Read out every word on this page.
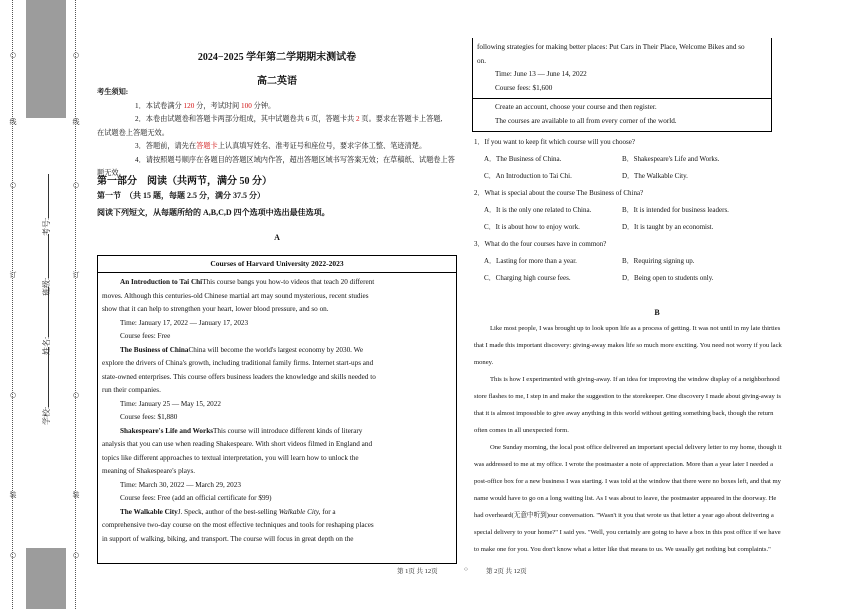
○
线
○
订
○
装
○
○
线
○
订
○
装
○
学校:
姓名:
班级:
考号:
2024−2025 学年第二学期期末测试卷
高二英语
考生须知:
1．本试卷满分 120 分，考试时间 100 分钟。
2．本卷由试题卷和答题卡两部分组成，其中试题卷共 6 页，答题卡共 2 页。要求在答题卡上答题,
在试题卷上答题无效。
3．答题前，请先在答题卡上认真填写姓名、准考证号和座位号，要求字体工整、笔迹清楚。
4．请按照题号顺序在各题目的答题区域内作答，超出答题区域书写答案无效；在草稿纸、试题卷上答
题无效。
第一部分　阅读（共两节，满分 50 分）
第一节　（共 15 题，每题 2.5 分，满分 37.5 分）
阅读下列短文，从每题所给的 A,B,C,D 四个选项中选出最佳选项。
A
Courses of Harvard University 2022-2023
An Introduction to Tai ChiThis course bangs you how-to videos that teach 20 different
moves. Although this centuries-old Chinese martial art may sound mysterious, recent studies
show that it can help to strengthen your heart, lower blood pressure, and so on.
Time: January 17, 2022 — January 17, 2023
Course fees: Free
The Business of ChinaChina will become the world's largest economy by 2030. We
explore the drivers of China's growth, including traditional family firms. Internet start-ups and
state-owned enterprises. This course offers business leaders the knowledge and skills needed to
run their companies.
Time: January 25 — May 15, 2022
Course fees: $1,880
Shakespeare's Life and WorksThis course will introduce different kinds of literary
analysis that you can use when reading Shakespeare. With short videos filmed in England and
topics like different approaches to textual interpretation, you will learn how to unlock the
meaning of Shakespeare's plays.
Time: March 30, 2022 — March 29, 2023
Course fees: Free (add an official certificate for $99)
The Walkable CityJ. Speck, author of the best-selling Walkable City, for a
comprehensive two-day course on the most effective techniques and tools for reshaping places
in support of walking, biking, and transport. The course will focus in great depth on the
第 1页 共 12页	○
following strategies for making better places: Put Cars in Their Place, Welcome Bikes and so
on.
Time: June 13 — June 14, 2022
Course fees: $1,600
Create an account, choose your course and then register.
The courses are available to all from every corner of the world.
1．If you want to keep fit which course will you choose?
A．The Business of China.	B．Shakespeare's Life and Works.
C．An Introduction to Tai Chi.	D．The Walkable City.
2．What is special about the course The Business of China?
A．It is the only one related to China.	B．It is intended for business leaders.
C．It is about how to enjoy work.	D．It is taught by an economist.
3．What do the four courses have in common?
A．Lasting for more than a year.	B．Requiring signing up.
C．Charging high course fees.	D．Being open to students only.
B
Like most people, I was brought up to look upon life as a process of getting. It was not until in my late thirties
that I made this important discovery: giving-away makes life so much more exciting. You need not worry if you lack
money.
This is how I experimented with giving-away. If an idea for improving the window display of a neighborhood
store flashes to me, I step in and make the suggestion to the storekeeper. One discovery I made about giving-away is
that it is almost impossible to give away anything in this world without getting something back, though the return
often comes in all unexpected form.
One Sunday morning, the local post office delivered an important special delivery letter to my home, though it
was addressed to me at my office. I wrote the postmaster a note of appreciation. More than a year later I needed a
post-office box for a new business I was starting. I was told at the window that there were no boxes left, and that my
name would have to go on a long waiting list. As I was about to leave, the postmaster appeared in the doorway. He
had overheard(无意中听到)our conversation. "Wasn't it you that wrote us that letter a year ago about delivering a
special delivery to your home?" I said yes. "Well, you certainly are going to have a box in this post office if we have
to make one for you. You don't know what a letter like that means to us. We usually get nothing but complaints."
第 2页 共 12页
